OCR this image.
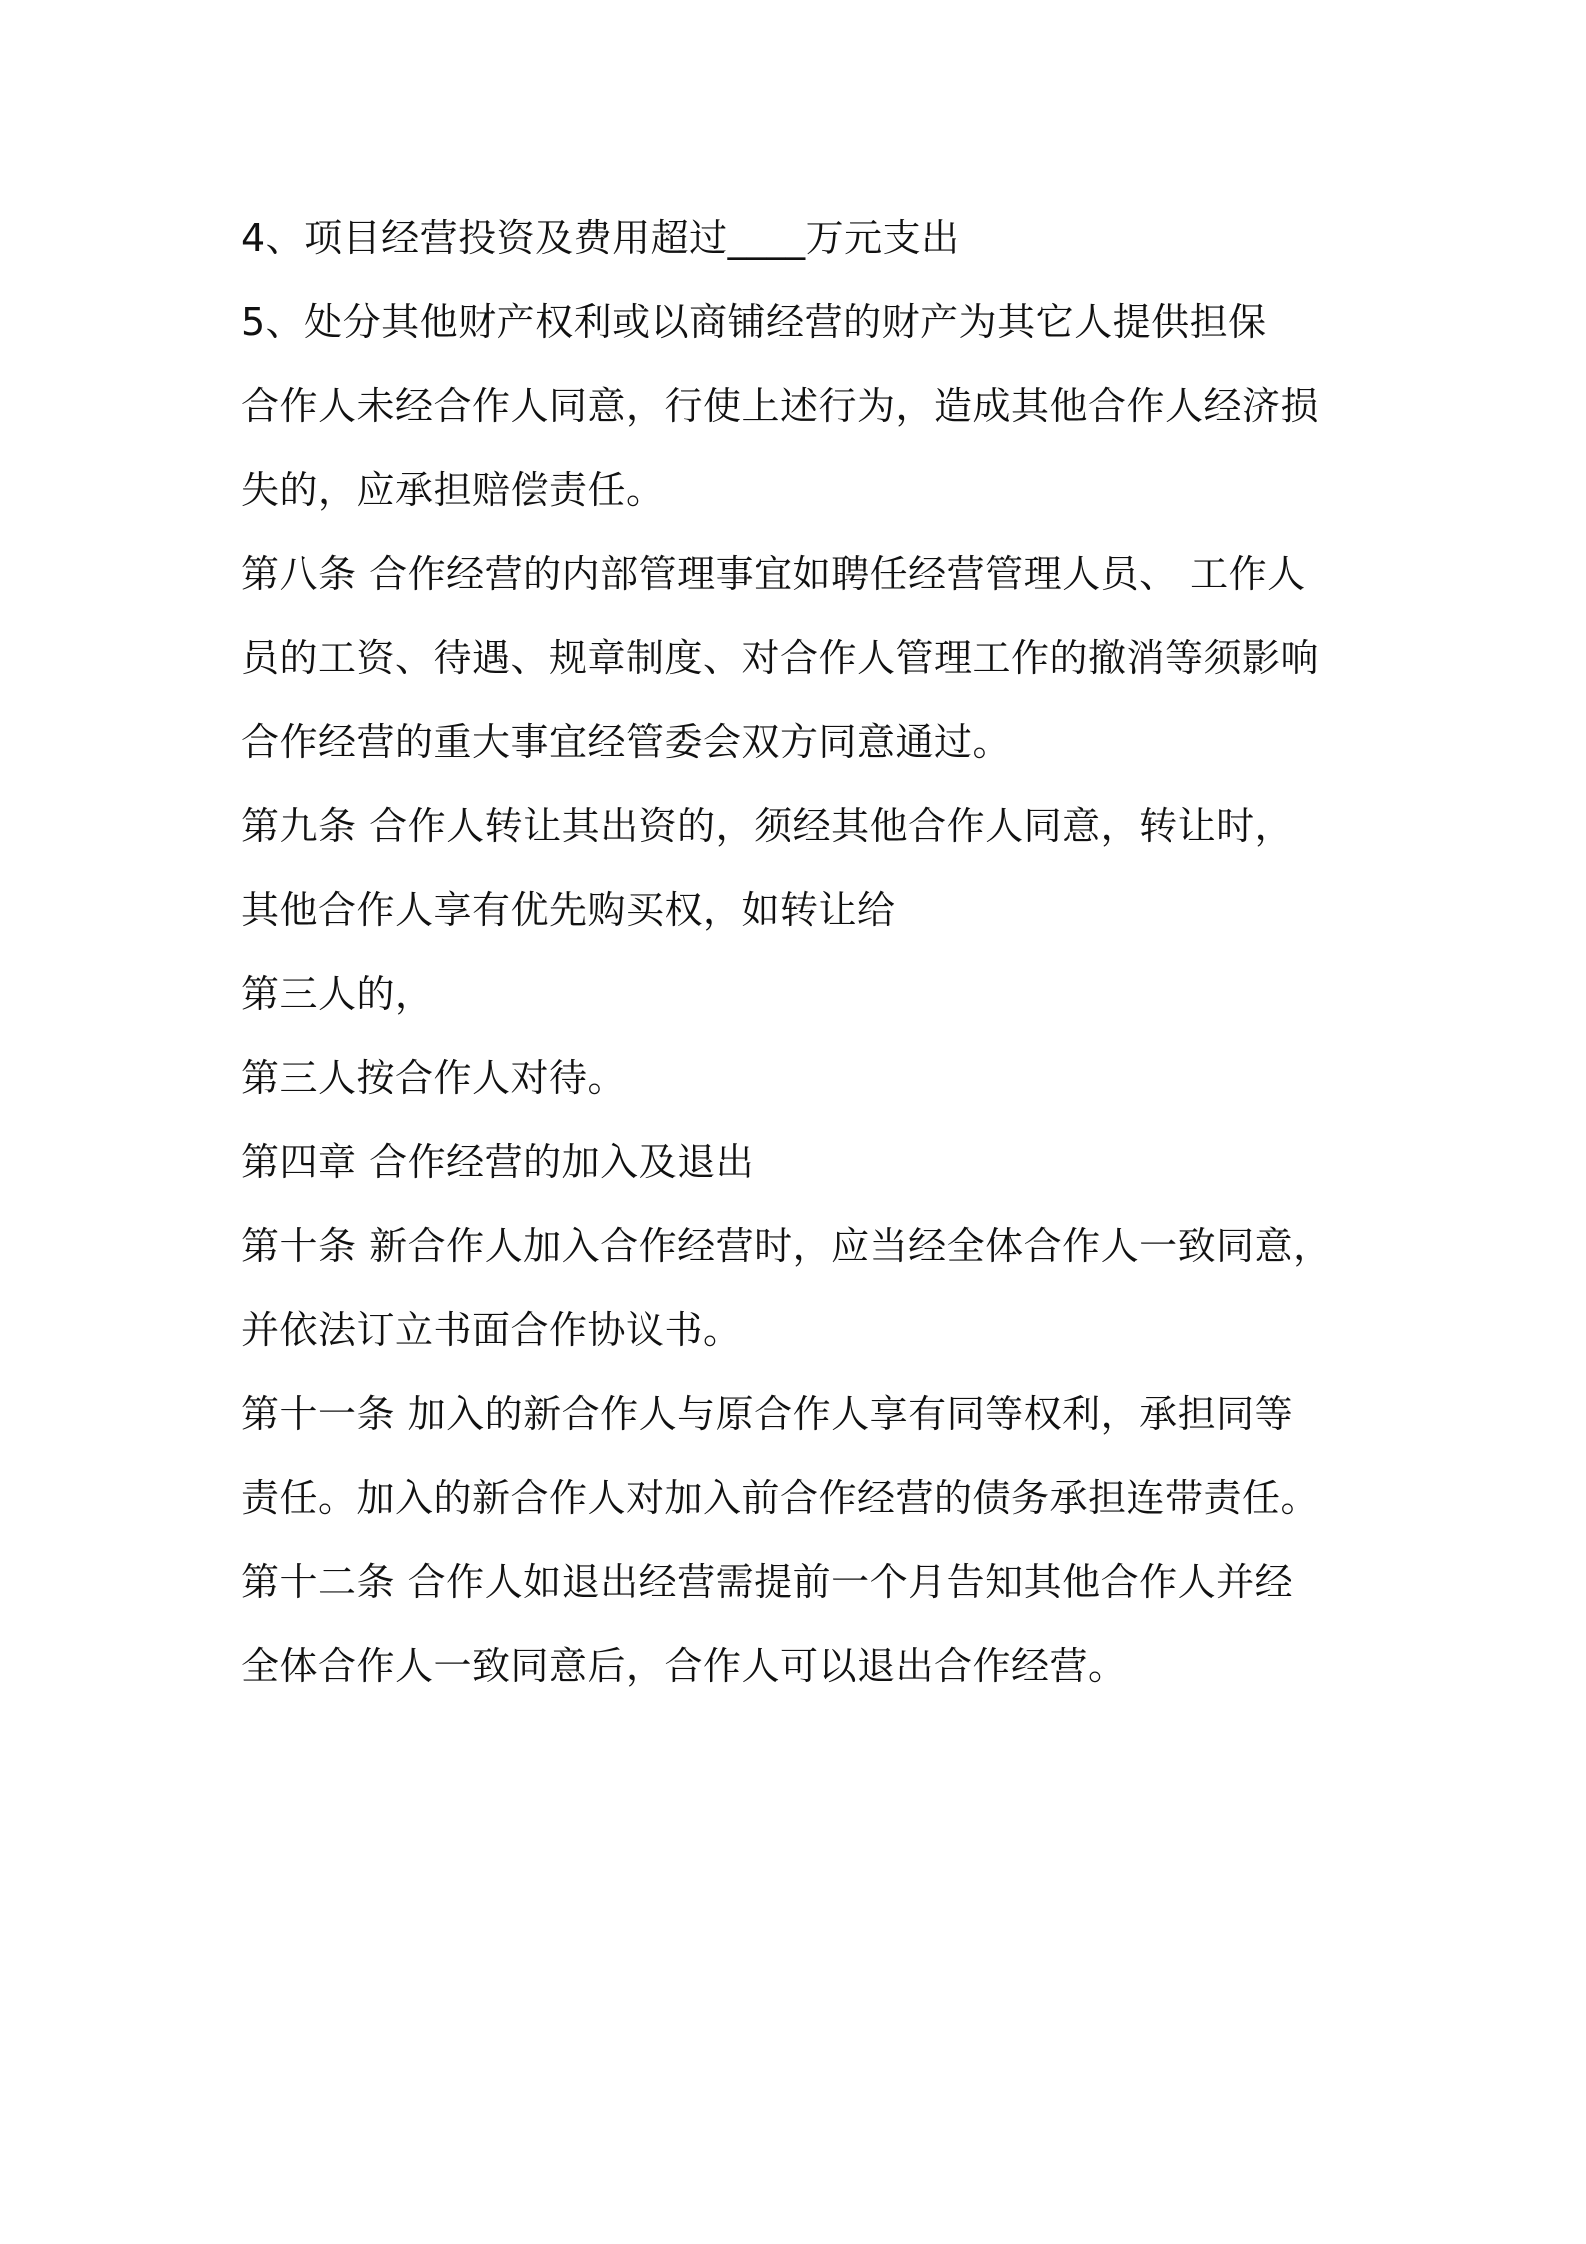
4、项目经营投资及费用超过____万元支出
5、处分其他财产权利或以商铺经营的财产为其它人提供担保
合作人未经合作人同意，行使上述行为，造成其他合作人经济损
失的，应承担赔偿责任。
第八条 合作经营的内部管理事宜如聘任经营管理人员、 工作人
员的工资、待遇、规章制度、对合作人管理工作的撤消等须影响
合作经营的重大事宜经管委会双方同意通过。
第九条 合作人转让其出资的，须经其他合作人同意，转让时，
其他合作人享有优先购买权，如转让给
第三人的，
第三人按合作人对待。
第四章 合作经营的加入及退出
第十条 新合作人加入合作经营时，应当经全体合作人一致同意，
并依法订立书面合作协议书。
第十一条 加入的新合作人与原合作人享有同等权利，承担同等
责任。加入的新合作人对加入前合作经营的债务承担连带责任。
第十二条 合作人如退出经营需提前一个月告知其他合作人并经
全体合作人一致同意后，合作人可以退出合作经营。
